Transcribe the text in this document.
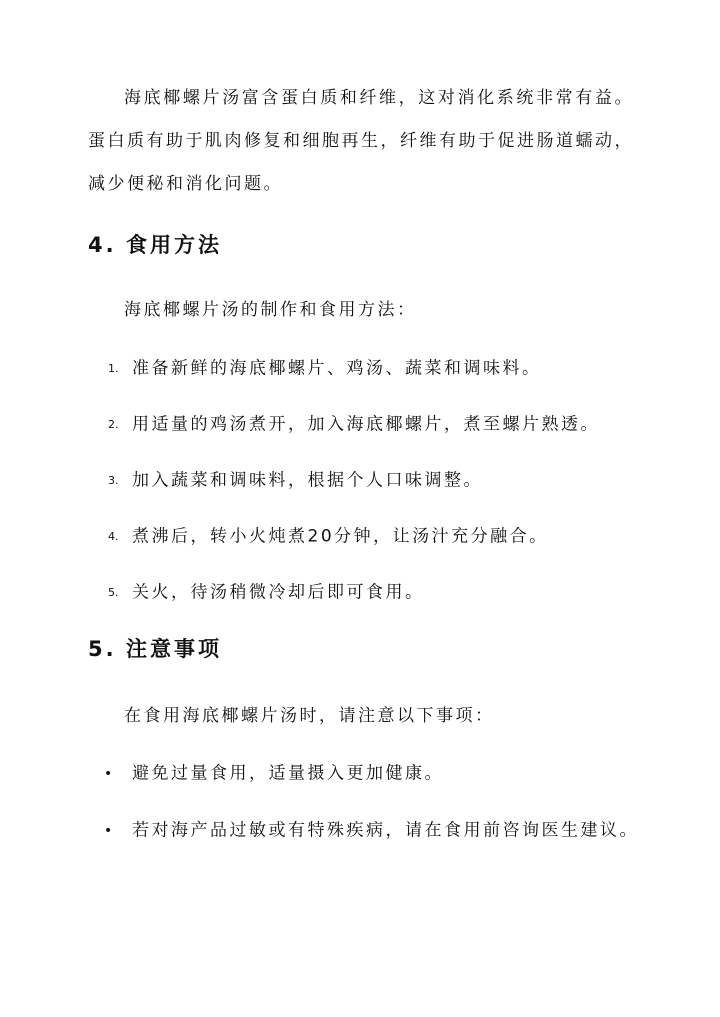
海底椰螺片汤富含蛋白质和纤维，这对消化系统非常有益。蛋白质有助于肌肉修复和细胞再生，纤维有助于促进肠道蠕动，减少便秘和消化问题。

4. 食用方法

海底椰螺片汤的制作和食用方法：

1. 准备新鲜的海底椰螺片、鸡汤、蔬菜和调味料。

2. 用适量的鸡汤煮开，加入海底椰螺片，煮至螺片熟透。

3. 加入蔬菜和调味料，根据个人口味调整。

4. 煮沸后，转小火炖煮20分钟，让汤汁充分融合。

5. 关火，待汤稍微冷却后即可食用。

5. 注意事项

在食用海底椰螺片汤时，请注意以下事项：

• 避免过量食用，适量摄入更加健康。

• 若对海产品过敏或有特殊疾病，请在食用前咨询医生建议。
